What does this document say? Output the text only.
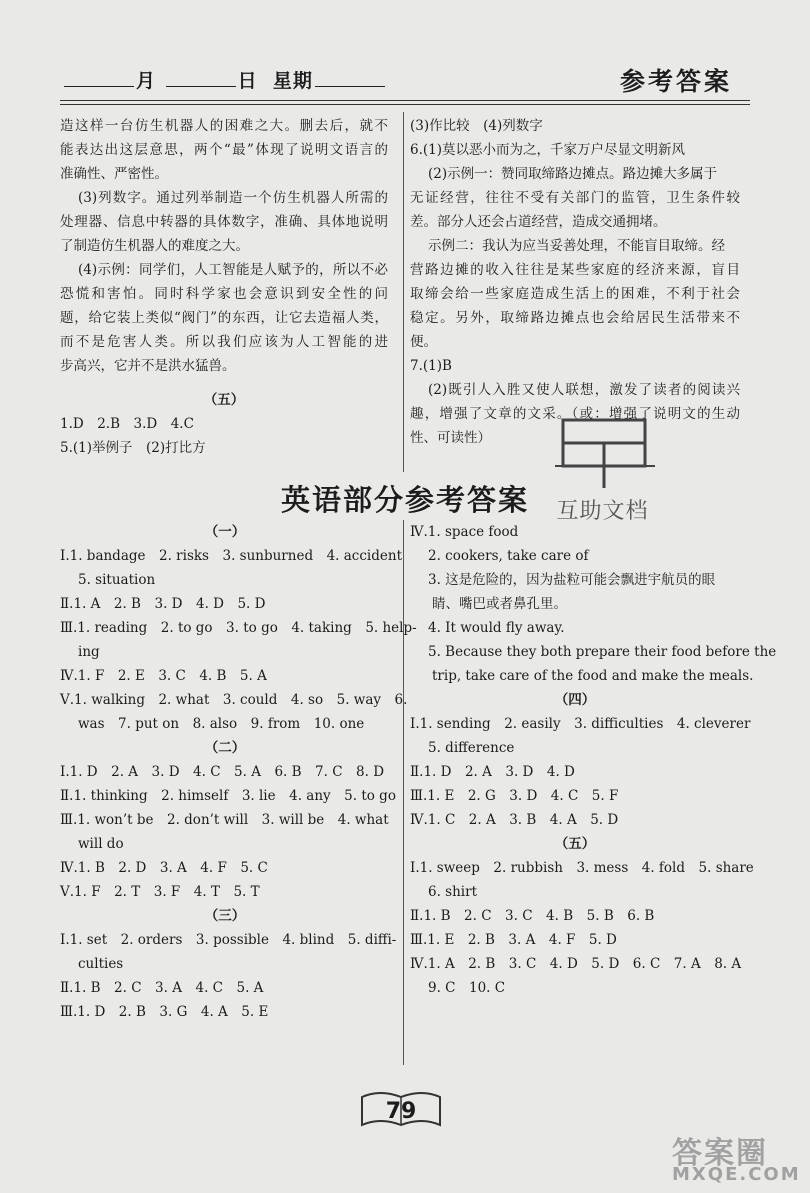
月	日 星期	参考答案
造这样一台仿生机器人的困难之大。删去后，就不
能表达出这层意思，两个“最”体现了说明文语言的
准确性、严密性。
(3)列数字。通过列举制造一个仿生机器人所需的
处理器、信息中转器的具体数字，准确、具体地说明
了制造仿生机器人的难度之大。
(4)示例：同学们，人工智能是人赋予的，所以不必
恐慌和害怕。同时科学家也会意识到安全性的问
题，给它装上类似“阀门”的东西，让它去造福人类，
而不是危害人类。所以我们应该为人工智能的进
步高兴，它并不是洪水猛兽。
（五）
1.D　2.B　3.D　4.C
5.(1)举例子　(2)打比方
(3)作比较　(4)列数字
6.(1)莫以恶小而为之，千家万户尽显文明新风
(2)示例一：赞同取缔路边摊点。路边摊大多属于
无证经营，往往不受有关部门的监管，卫生条件较
差。部分人还会占道经营，造成交通拥堵。
示例二：我认为应当妥善处理，不能盲目取缔。经
营路边摊的收入往往是某些家庭的经济来源，盲目
取缔会给一些家庭造成生活上的困难，不利于社会
稳定。另外，取缔路边摊点也会给居民生活带来不
便。
7.(1)B
(2)既引人入胜又使人联想，激发了读者的阅读兴
趣，增强了文章的文采。（或：增强了说明文的生动
性、可读性）
英语部分参考答案
（一）
Ⅰ.1. bandage　2. risks　3. sunburned　4. accident
5. situation
Ⅱ.1. A　2. B　3. D　4. D　5. D
Ⅲ.1. reading　2. to go　3. to go　4. taking　5. help-
ing
Ⅳ.1. F　2. E　3. C　4. B　5. A
Ⅴ.1. walking　2. what　3. could　4. so　5. way　6.
was　7. put on　8. also　9. from　10. one
（二）
Ⅰ.1. D　2. A　3. D　4. C　5. A　6. B　7. C　8. D
Ⅱ.1. thinking　2. himself　3. lie　4. any　5. to go
Ⅲ.1. won’t be　2. don’t will　3. will be　4. what
will do
Ⅳ.1. B　2. D　3. A　4. F　5. C
Ⅴ.1. F　2. T　3. F　4. T　5. T
（三）
Ⅰ.1. set　2. orders　3. possible　4. blind　5. diffi-
culties
Ⅱ.1. B　2. C　3. A　4. C　5. A
Ⅲ.1. D　2. B　3. G　4. A　5. E
Ⅳ.1. space food
2. cookers, take care of
3. 这是危险的，因为盐粒可能会飘进宇航员的眼
睛、嘴巴或者鼻孔里。
4. It would fly away.
5. Because they both prepare their food before the
trip, take care of the food and make the meals.
（四）
Ⅰ.1. sending　2. easily　3. difficulties　4. cleverer
5. difference
Ⅱ.1. D　2. A　3. D　4. D
Ⅲ.1. E　2. G　3. D　4. C　5. F
Ⅳ.1. C　2. A　3. B　4. A　5. D
（五）
Ⅰ.1. sweep　2. rubbish　3. mess　4. fold　5. share
6. shirt
Ⅱ.1. B　2. C　3. C　4. B　5. B　6. B
Ⅲ.1. E　2. B　3. A　4. F　5. D
Ⅳ.1. A　2. B　3. C　4. D　5. D　6. C　7. A　8. A
9. C　10. C
互助文档
79
答案圈
MXQE.COM
